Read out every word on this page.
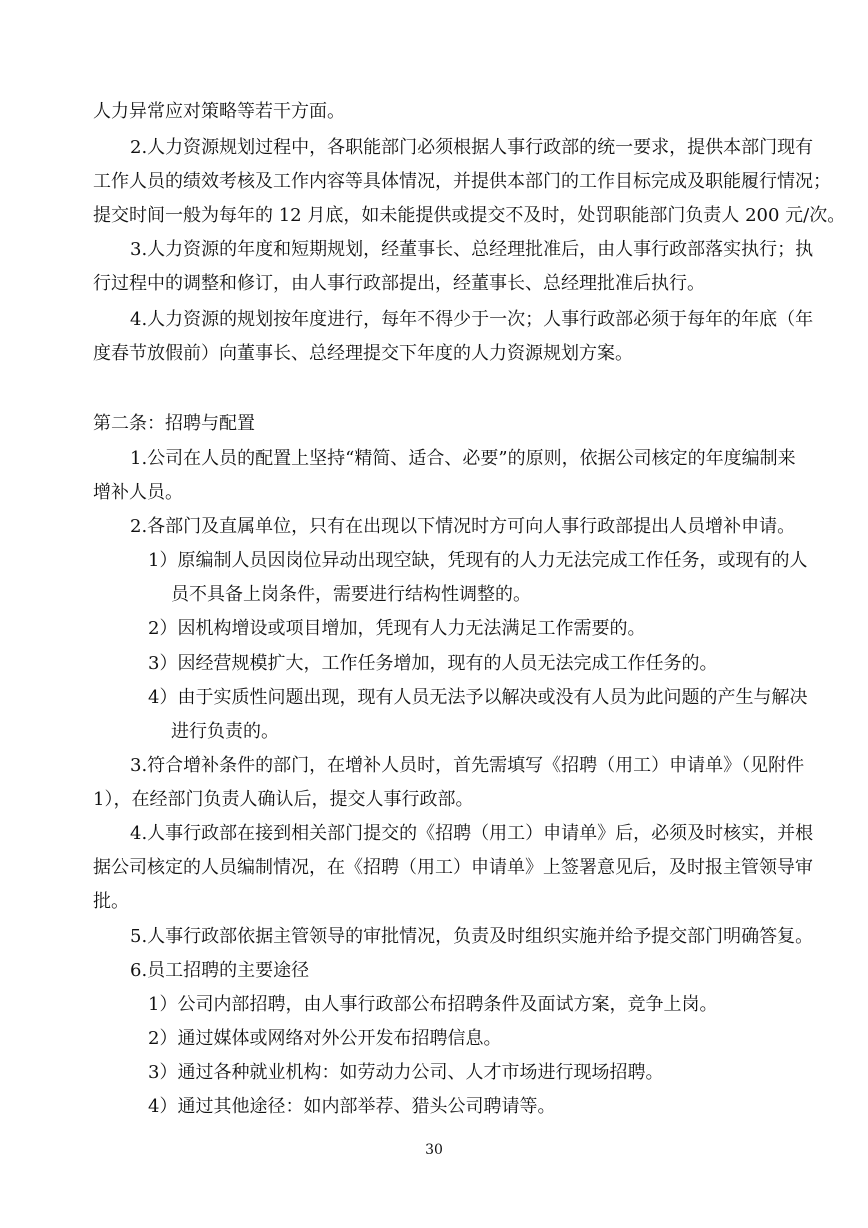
人力异常应对策略等若干方面。
2.人力资源规划过程中，各职能部门必须根据人事行政部的统一要求，提供本部门现有
工作人员的绩效考核及工作内容等具体情况，并提供本部门的工作目标完成及职能履行情况；
提交时间一般为每年的 12 月底，如未能提供或提交不及时，处罚职能部门负责人 200 元/次。
3.人力资源的年度和短期规划，经董事长、总经理批准后，由人事行政部落实执行；执
行过程中的调整和修订，由人事行政部提出，经董事长、总经理批准后执行。
4.人力资源的规划按年度进行，每年不得少于一次；人事行政部必须于每年的年底（年
度春节放假前）向董事长、总经理提交下年度的人力资源规划方案。
第二条：招聘与配置
1.公司在人员的配置上坚持“精简、适合、必要”的原则，依据公司核定的年度编制来
增补人员。
2.各部门及直属单位，只有在出现以下情况时方可向人事行政部提出人员增补申请。
1）原编制人员因岗位异动出现空缺，凭现有的人力无法完成工作任务，或现有的人
员不具备上岗条件，需要进行结构性调整的。
2）因机构增设或项目增加，凭现有人力无法满足工作需要的。
3）因经营规模扩大，工作任务增加，现有的人员无法完成工作任务的。
4）由于实质性问题出现，现有人员无法予以解决或没有人员为此问题的产生与解决
进行负责的。
3.符合增补条件的部门，在增补人员时，首先需填写《招聘（用工）申请单》（见附件
1），在经部门负责人确认后，提交人事行政部。
4.人事行政部在接到相关部门提交的《招聘（用工）申请单》后，必须及时核实，并根
据公司核定的人员编制情况，在《招聘（用工）申请单》上签署意见后，及时报主管领导审
批。
5.人事行政部依据主管领导的审批情况，负责及时组织实施并给予提交部门明确答复。
6.员工招聘的主要途径
1）公司内部招聘，由人事行政部公布招聘条件及面试方案，竞争上岗。
2）通过媒体或网络对外公开发布招聘信息。
3）通过各种就业机构：如劳动力公司、人才市场进行现场招聘。
4）通过其他途径：如内部举荐、猎头公司聘请等。
30
